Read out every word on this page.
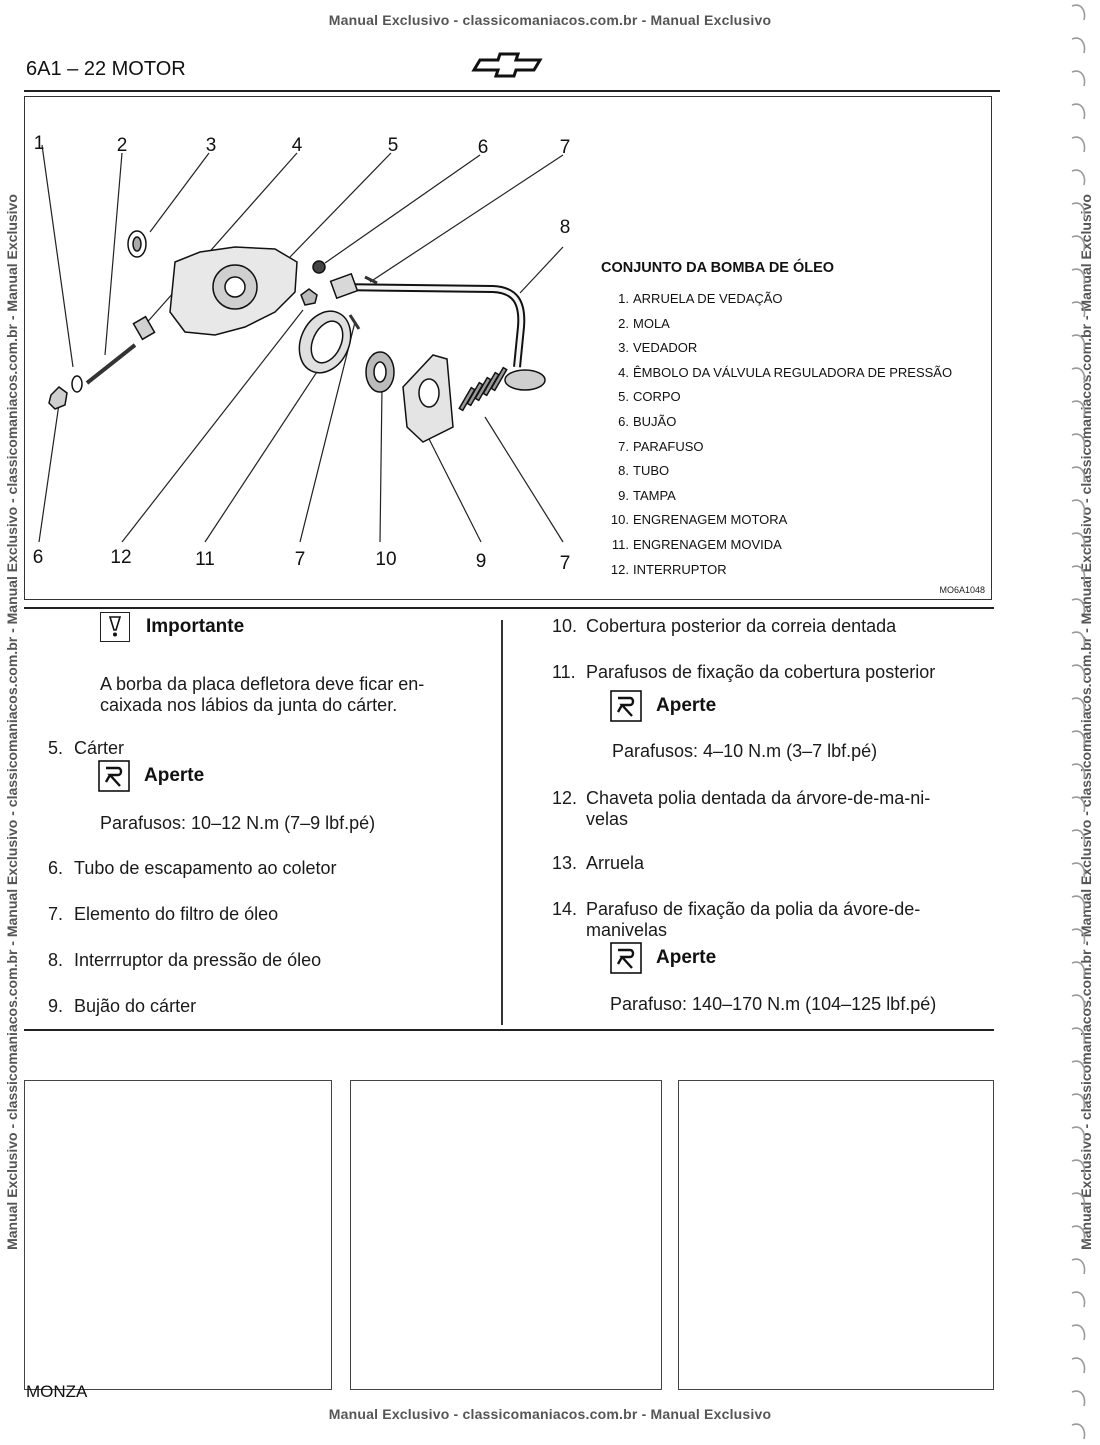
Manual Exclusivo - classicomaniacos.com.br - Manual Exclusivo
Manual Exclusivo - classicomaniacos.com.br - Manual Exclusivo
Manual Exclusivo - classicomaniacos.com.br - Manual Exclusivo - classicomaniacos.com.br - Manual Exclusivo - classicomaniacos.com.br - Manual Exclusivo	Manual Exclusivo - classicomaniacos.com.br - Manual Exclusivo - classicomaniacos.com.br - Manual Exclusivo - classicomaniacos.com.br - Manual Exclusivo
6A1 – 22 MOTOR
1	2	3	4	5	6	7
8
6	12	11	7	10	9	7
CONJUNTO DA BOMBA DE ÓLEO
1. ARRUELA DE VEDAÇÃO
2. MOLA
3. VEDADOR
4. ÊMBOLO DA VÁLVULA REGULADORA DE PRESSÃO
5. CORPO
6. BUJÃO
7. PARAFUSO
8. TUBO
9. TAMPA
10. ENGRENAGEM MOTORA
11. ENGRENAGEM MOVIDA
12. INTERRUPTOR
MO6A1048
Importante
A borba da placa defletora deve ficar en-
caixada nos lábios da junta do cárter.
5. Cárter
Aperte
Parafusos: 10–12 N.m (7–9 lbf.pé)
6. Tubo de escapamento ao coletor
7. Elemento do filtro de óleo
8. Interrruptor da pressão de óleo
9. Bujão do cárter
10. Cobertura posterior da correia dentada
11. Parafusos de fixação da cobertura posterior
Aperte
Parafusos: 4–10 N.m (3–7 lbf.pé)
12. Chaveta polia dentada da árvore-de-ma-ni-
velas
13. Arruela
14. Parafuso de fixação da polia da ávore-de-
manivelas
Aperte
Parafuso: 140–170 N.m (104–125 lbf.pé)
MONZA
